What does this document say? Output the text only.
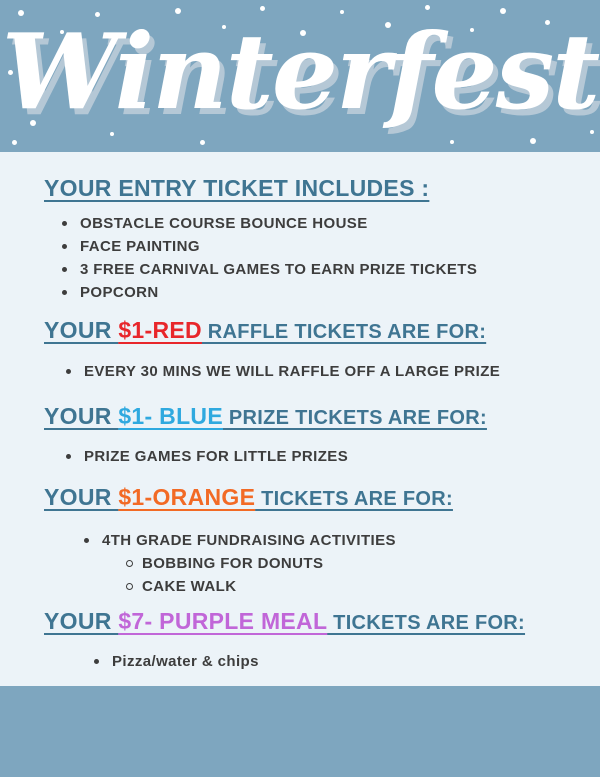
Winterfest
YOUR ENTRY TICKET INCLUDES :
OBSTACLE COURSE BOUNCE HOUSE
FACE PAINTING
3 FREE CARNIVAL GAMES TO EARN PRIZE TICKETS
POPCORN
YOUR $1-RED RAFFLE TICKETS ARE FOR:
EVERY 30 MINS WE WILL RAFFLE OFF A LARGE PRIZE
YOUR $1- BLUE PRIZE TICKETS ARE FOR:
PRIZE GAMES FOR LITTLE PRIZES
YOUR $1-ORANGE TICKETS ARE FOR:
4TH GRADE FUNDRAISING ACTIVITIES
BOBBING FOR DONUTS
CAKE WALK
YOUR $7- PURPLE MEAL TICKETS ARE FOR:
Pizza/water & chips
